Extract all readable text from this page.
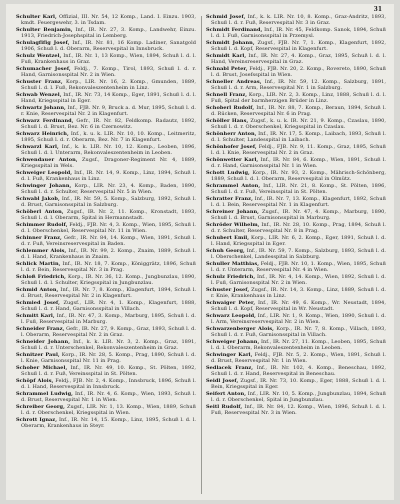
31

Schulter Karl, Offizial, III. Nr. 54, 12 Komp., Land. I. Einzu. 1903, kmdt. Feuergewehr, 3. in Tsdam.

Schulter Benjamin, Inf., IR. Nr. 27, 3. Komp., Landwehr, Einzu. 1913, Friedrich-Josephspital in Lemberg.

Schulagfifig Josef, Inf., IR. Nr. 81, 16 Komp. Ladiner, Sanatgold 1906, Schuß l. d. Oberarm, Reservespital in Innsbruck.

Schulz Wentzel, Inf., IR. Nr. 1, 13 Komp., Wien, 1894, Schuß l. d. l. Fuß, Krankenhaus in Graz.

Schumacher Josef, Feldj., 7. Komp., Tirol, 1893, Schuß l. d. r. Hand, Garnisonsspital Nr. 2 in Wien.

Schuster Franz, Korp., LIR. Nr. 16, 2. Komp., Gmunden, 1889, Schuß l. d. l. Fuß, Rekonvaleszentenheim in Linz.

Schwab Wenzel, Inf., IR. Nr. 73, 14 Komp., Eger, 1891, Schuß l. d. l. Hand, Kriegsspital in Eger.

Schwartz Johann, Inf., FJB. Nr. 9, Bruck a. d. Mur, 1895, Schuß l. d. r. Knie, Reservespital Nr. 2 in Klagenfurt.

Schwarz Ferdinand, Gefr., IR. Nr. 82, Feldkomp. Radautz, 1892, Schuß l. d. Brust, Bez. Nr. 6 in Czernowitz.

Schwarz Heinrich, Inf., k. u. k. LIR. Nr. 10, 10. Komp., Leitmeritz, 1895, Schuß l. d. r. Oberarm, Bez. Nr. 7 in Klagenfurt.

Schwarzl Karl, Inf., k. k. LIR. Nr. 10, 12. Komp., Leoben, 1896, Schuß l. d. l. Unterarm, Rekonvaleszentenheim in Leoben.

Schwendauer Anton, Zugsf., Dragoner-Regiment Nr. 4, 1889, Kriegsspital in Wels.

Schweiger Leopold, Inf., IR. Nr. 14, 9. Komp., Linz, 1894, Schuß l. d. l. Fuß, Krankenhaus in Linz.

Schwinger Johann, Korp., LIR. Nr. 23, 4. Komp., Baden, 1890, Schuß l. d. r. Schulter, Reservespital Nr. 5 in Wien.

Schwabl Jakob, Inf., IR. Nr. 59, 5. Komp., Salzburg, 1892, Schuß l. d. Brust, Garnisonsspital in Salzburg.

Schöberl Anton, Zugsf., IR. Nr. 2, 11. Komp., Kronstadt, 1893, Schuß l. d. l. Oberarm, Spital in Hermannstadt.

Schimmer Rudolf, Feldj., FJB. Nr. 4, 3. Komp., Wien, 1895, Schuß l. d. l. Oberschenkel, Reservespital Nr. 11 in Wien.

Schinner Franz, Gefr., IR. Nr. 84, 14. Komp., Wien, 1891, Schuß l. d. r. Fuß, Vereinsreservespital in Baden.

Schlemmer Alois, Inf., IR. Nr. 99, 2. Komp., Znaim, 1889, Schuß l. d. l. Hand, Krankenhaus in Znaim.

Schlick Martin, Inf., IR. Nr. 18, 7. Komp., Königgrätz, 1896, Schuß l. d. r. Bein, Reservespital Nr. 3 in Prag.

Schloß Friedrich, Korp., IR. Nr. 36, 12. Komp., Jungbunzlau, 1890, Schuß l. d. l. Schulter, Kriegsspital in Jungbunzlau.

Schmid Anton, Inf., IR. Nr. 7, 8. Komp., Klagenfurt, 1894, Schuß l. d. Brust, Reservespital Nr. 2 in Klagenfurt.

Schmied Josef, Zugsf., LIR. Nr. 4, 1. Komp., Klagenfurt, 1888, Schuß l. d. r. Hand, Garnisonsspital in Villach.

Schmitt Karl, Inf., IR. Nr. 47, 3. Komp., Marburg, 1895, Schuß l. d. l. Fuß, Reservespital in Marburg.

Schneider Franz, Gefr., IR. Nr. 27, 9. Komp., Graz, 1893, Schuß l. d. l. Oberarm, Reservespital Nr. 2 in Graz.

Schneider Johann, Inf., k. k. LIR. Nr. 3, 2. Komp., Graz, 1891, Schuß l. d. r. Unterschenkel, Rekonvaleszentenheim in Graz.

Schnitzer Paul, Korp., IR. Nr. 28, 5. Komp., Prag, 1890, Schuß l. d. l. Knie, Garnisonsspital Nr. 11 in Prag.

Schober Michael, Inf., IR. Nr. 49, 10. Komp., St. Pölten, 1892, Schuß l. d. r. Fuß, Vereinsspital in St. Pölten.

Schöpf Alois, Feldj., FJB. Nr. 2, 4. Komp., Innsbruck, 1896, Schuß l. d. l. Hand, Reservespital in Innsbruck.

Schrammel Ludwig, Inf., IR. Nr. 4, 6. Komp., Wien, 1893, Schuß l. d. Brust, Reservespital Nr. 1 in Wien.

Schreiber Georg, Zugsf., LIR. Nr. 1, 13. Komp., Wien, 1889, Schuß l. d. r. Oberschenkel, Kriegsspital in Wien.

Schrott Ignaz, Inf., IR. Nr. 14, 15. Komp., Linz, 1895, Schuß l. d. l. Oberarm, Krankenhaus in Steyr.

Schmid Josef, Inf., k. k. LIR. Nr. 10, 8. Komp., Graz-Andritz, 1893, Schuß l. d. r. Fuß, Reservespital Nr. 3 in Graz.

Schmidt Ferdinand, Inf., IR. Nr. 45, Feldkomp. Sanok, 1894, Schuß l. d. l. Fuß, Garnisonsspital in Przemysl.

Schmidt Johann, Zugsf., FJB. Nr. 7, 1. Komp., Klagenfurt, 1892, Schuß l. d. Kopf, Reservespital in Klagenfurt.

Schmidt Karl, Inf., IR. Nr. 27, 4. Komp., Graz, 1895, Schuß l. d. l. Hand, Vereinsreservespital in Graz.

Schnabl Peter, Feldj., FJB. Nr. 20, 2. Komp., Rovereto, 1890, Schuß l. d. Brust, Josefsspital in Wien.

Schneller Andreas, Inf., IR. Nr. 59, 12. Komp., Salzburg, 1891, Schuß l. d. r. Arm, Reservespital Nr. 1 in Salzburg.

Schnell Franz, Korp., LIR. Nr. 2, 3. Komp., Linz, 1888, Schuß l. d. l. Fuß, Spital der barmherzigen Brüder in Linz.

Schoberl Rudolf, Inf., IR. Nr. 88, 7. Komp., Beraun, 1894, Schuß l. d. Rücken, Reservespital Nr. 6 in Prag.

Schöller Hans, Zugsf., k. u. k. IR. Nr. 21, 9. Komp., Czaslau, 1890, Schuß l. d. r. Oberschenkel, Kriegsspital in Czaslau.

Schönherr Anton, Inf., IR. Nr. 17, 5. Komp., Laibach, 1893, Schuß l. d. l. Schulter, Landesspital in Laibach.

Schönhofer Josef, Feldj., FJB. Nr. 9, 11. Komp., Graz, 1895, Schuß l. d. l. Knie, Reservespital Nr. 2 in Graz.

Schönwetter Karl, Inf., IR. Nr. 84, 6. Komp., Wien, 1891, Schuß l. d. r. Hand, Garnisonsspital Nr. 1 in Wien.

Schott Ludwig, Korp., IR. Nr. 93, 2. Komp., Mährisch-Schönberg, 1889, Schuß l. d. l. Oberarm, Reservespital in Olmütz.

Schrammel Anton, Inf., LIR. Nr. 21, 8. Komp., St. Pölten, 1896, Schuß l. d. r. Fuß, Vereinsspital in St. Pölten.

Schratter Franz, Inf., IR. Nr. 7, 13. Komp., Klagenfurt, 1892, Schuß l. d. l. Bein, Reservespital Nr. 1 in Klagenfurt.

Schreiner Johann, Zugsf., IR. Nr. 47, 4. Komp., Marburg, 1890, Schuß l. d. Brust, Garnisonsspital in Marburg.

Schröder Wilhelm, Inf., IR. Nr. 28, 10. Komp., Prag, 1894, Schuß l. d. r. Schulter, Reservespital Nr. 8 in Prag.

Schubert Emil, Korp., LIR. Nr. 6, 2. Komp., Eger, 1891, Schuß l. d. l. Hand, Kriegsspital in Eger.

Schuh Georg, Inf., IR. Nr. 59, 7. Komp., Salzburg, 1893, Schuß l. d. l. Oberschenkel, Landesspital in Salzburg.

Schuller Matthias, Feldj., FJB. Nr. 10, 1. Komp., Wien, 1895, Schuß l. d. r. Unterarm, Reservespital Nr. 4 in Wien.

Schulz Friedrich, Inf., IR. Nr. 4, 14. Komp., Wien, 1892, Schuß l. d. l. Fuß, Garnisonsspital Nr. 2 in Wien.

Schuster Josef, Zugsf., IR. Nr. 14, 3. Komp., Linz, 1889, Schuß l. d. r. Knie, Krankenhaus in Linz.

Schwaiger Peter, Inf., IR. Nr. 49, 6. Komp., Wr. Neustadt, 1894, Schuß l. d. Kopf, Reservespital in Wr. Neustadt.

Schwarz Leopold, Inf., LIR. Nr. 1, 9. Komp., Wien, 1890, Schuß l. d. l. Arm, Vereinsreservespital Nr. 2 in Wien.

Schwarzenberger Alois, Korp., IR. Nr. 7, 8. Komp., Villach, 1893, Schuß l. d. r. Fuß, Garnisonsspital in Villach.

Schweiger Johann, Inf., IR. Nr. 27, 11. Komp., Leoben, 1895, Schuß l. d. l. Oberarm, Rekonvaleszentenheim in Leoben.

Schwinger Karl, Feldj., FJB. Nr. 5, 2. Komp., Wien, 1891, Schuß l. d. Brust, Reservespital Nr. 1 in Wien.

Sedlacek Franz, Inf., IR. Nr. 102, 4. Komp., Beneschau, 1892, Schuß l. d. r. Hand, Reservespital in Beneschau.

Seidl Josef, Zugsf., IR. Nr. 73, 10. Komp., Eger, 1888, Schuß l. d. l. Bein, Kriegsspital in Eger.

Seifert Anton, Inf., LIR. Nr. 10, 5. Komp., Jungbunzlau, 1894, Schuß l. d. r. Oberschenkel, Spital in Jungbunzlau.

Seitl Rudolf, Inf., IR. Nr. 84, 12. Komp., Wien, 1896, Schuß l. d. l. Fuß, Reservespital Nr. 3 in Wien.
